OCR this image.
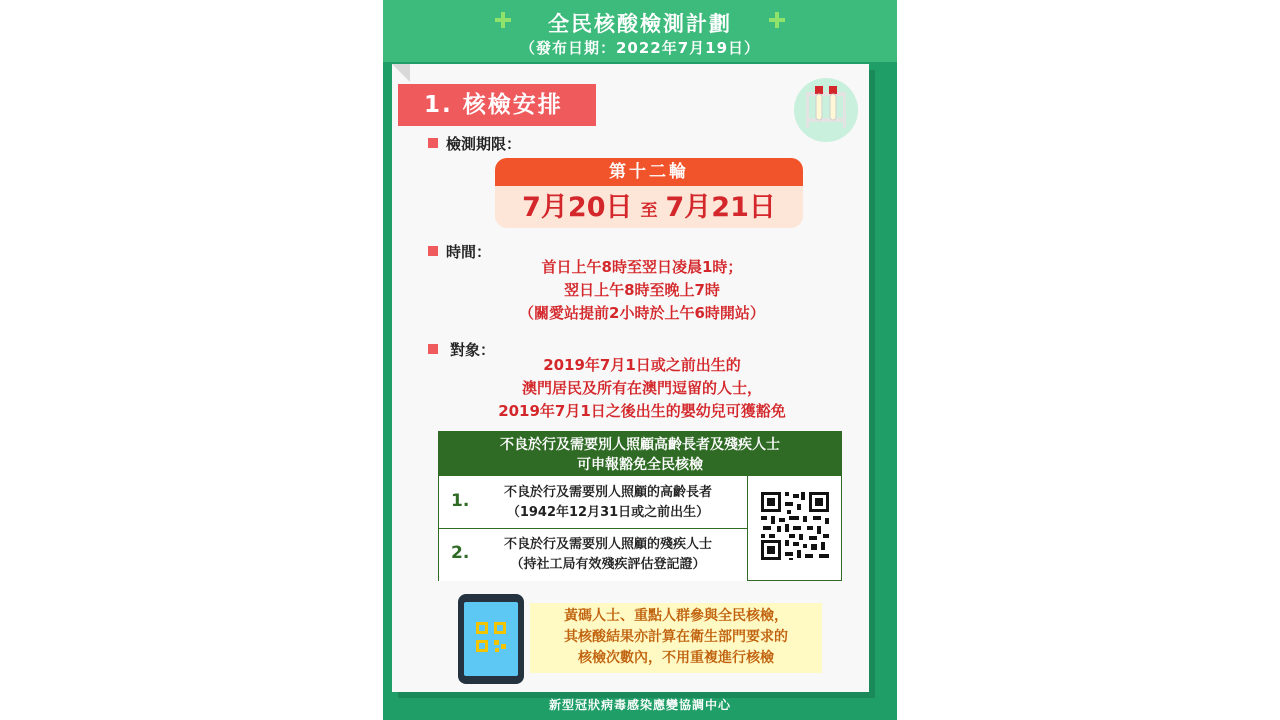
全民核酸檢測計劃
（發布日期：2022年7月19日）
1. 核檢安排
檢測期限：
第十二輪
7月20日 至 7月21日
時間：
首日上午8時至翌日凌晨1時；
翌日上午8時至晚上7時
（關愛站提前2小時於上午6時開站）
對象：
2019年7月1日或之前出生的
澳門居民及所有在澳門逗留的人士，
2019年7月1日之後出生的嬰幼兒可獲豁免
不良於行及需要別人照顧高齡長者及殘疾人士
可申報豁免全民核檢
1.	不良於行及需要別人照顧的高齡長者
（1942年12月31日或之前出生）
2.	不良於行及需要別人照顧的殘疾人士
（持社工局有效殘疾評估登記證）
黃碼人士、重點人群參與全民核檢，
其核酸結果亦計算在衛生部門要求的
核檢次數內，不用重複進行核檢
新型冠狀病毒感染應變協調中心
